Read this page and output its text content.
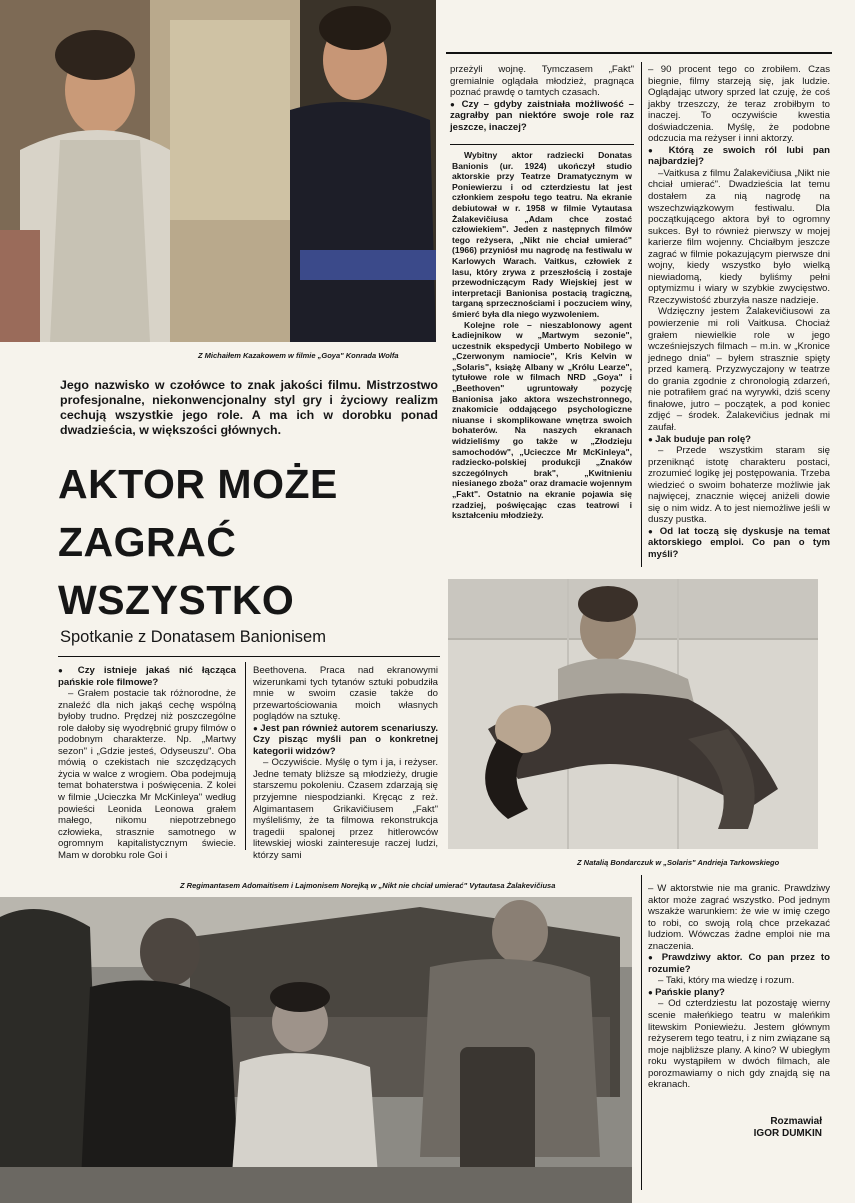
Z Michaiłem Kazakowem w filmie „Goya" Konrada Wolfa
Jego nazwisko w czołówce to znak jakości filmu. Mistrzostwo profesjonalne, niekonwencjonalny styl gry i życiowy realizm cechują wszystkie jego role. A ma ich w dorobku ponad dwadzieścia, w większości głównych.
AKTOR MOŻE
ZAGRAĆ
WSZYSTKO
Spotkanie z Donatasem Banionisem

● Czy istnieje jakaś nić łącząca pańskie role filmowe?

– Grałem postacie tak różnorodne, że znaleźć dla nich jakąś cechę wspólną byłoby trudno. Prędzej niż poszczególne role dałoby się wyodrębnić grupy filmów o podobnym charakterze. Np. „Martwy sezon" i „Gdzie jesteś, Odyseuszu". Oba mówią o czekistach nie szczędzących życia w walce z wrogiem. Oba podejmują temat bohaterstwa i poświęcenia. Z kolei w filmie „Ucieczka Mr McKinleya" według powieści Leonida Leonowa grałem małego, nikomu niepotrzebnego człowieka, strasznie samotnego w ogromnym kapitalistycznym świecie. Mam w dorobku role Goi i

Beethovena. Praca nad ekranowymi wizerunkami tych tytanów sztuki pobudziła mnie w swoim czasie także do przewartościowania moich własnych poglądów na sztukę.

● Jest pan również autorem scenariuszy. Czy pisząc myśli pan o konkretnej kategorii widzów?

– Oczywiście. Myślę o tym i ja, i reżyser. Jedne tematy bliższe są młodzieży, drugie starszemu pokoleniu. Czasem zdarzają się przyjemne niespodzianki. Kręcąc z reż. Algimantasem Grikavičiusem „Fakt" myśleliśmy, że ta filmowa rekonstrukcja tragedii spalonej przez hitlerowców litewskiej wioski zainteresuje raczej ludzi, którzy sami

przeżyli wojnę. Tymczasem „Fakt" gremialnie oglądała młodzież, pragnąca poznać prawdę o tamtych czasach.

● Czy – gdyby zaistniała możliwość – zagrałby pan niektóre swoje role raz jeszcze, inaczej?

Wybitny aktor radziecki Donatas Banionis (ur. 1924) ukończył studio aktorskie przy Teatrze Dramatycznym w Poniewierzu i od czterdziestu lat jest członkiem zespołu tego teatru. Na ekranie debiutował w r. 1958 w filmie Vytautasa Żalakevičiusa „Adam chce zostać człowiekiem". Jeden z następnych filmów tego reżysera, „Nikt nie chciał umierać" (1966) przyniósł mu nagrodę na festiwalu w Karlowych Warach. Vaitkus, człowiek z lasu, który zrywa z przeszłością i zostaje przewodniczącym Rady Wiejskiej jest w interpretacji Banionisa postacią tragiczną, targaną sprzecznościami i poczuciem winy, śmierć była dla niego wyzwoleniem.

Kolejne role – nieszablonowy agent Ładiejnikow w „Martwym sezonie", uczestnik ekspedycji Umberto Nobilego w „Czerwonym namiocie", Kris Kelvin w „Solaris", książę Albany w „Królu Learze", tytułowe role w filmach NRD „Goya" i „Beethoven" ugruntowały pozycję Banionisa jako aktora wszechstronnego, znakomicie oddającego psychologiczne niuanse i skomplikowane wnętrza swoich bohaterów. Na naszych ekranach widzieliśmy go także w „Złodzieju samochodów", „Ucieczce Mr McKinleya", radziecko-polskiej produkcji „Znaków szczególnych brak", „Kwitnieniu niesianego zboża" oraz dramacie wojennym „Fakt". Ostatnio na ekranie pojawia się rzadziej, poświęcając czas teatrowi i kształceniu młodzieży.

– 90 procent tego co zrobiłem. Czas biegnie, filmy starzeją się, jak ludzie. Oglądając utwory sprzed lat czuję, że coś jakby trzeszczy, że teraz zrobiłbym to inaczej. To oczywiście kwestia doświadczenia. Myślę, że podobne odczucia ma reżyser i inni aktorzy.

● Którą ze swoich ról lubi pan najbardziej?

–Vaitkusa z filmu Żalakevičiusa „Nikt nie chciał umierać". Dwadzieścia lat temu dostałem za nią nagrodę na wszechzwiązkowym festiwalu. Dla początkującego aktora był to ogromny sukces. Był to również pierwszy w mojej karierze film wojenny. Chciałbym jeszcze zagrać w filmie pokazującym pierwsze dni wojny, kiedy wszystko było wielką niewiadomą, kiedy byliśmy pełni optymizmu i wiary w szybkie zwycięstwo. Rzeczywistość zburzyła nasze nadzieje.

Wdzięczny jestem Żalakevičiusowi za powierzenie mi roli Vaitkusa. Chociaż grałem niewielkie role w jego wcześniejszych filmach – m.in. w „Kronice jednego dnia" – byłem strasznie spięty przed kamerą. Przyzwyczajony w teatrze do grania zgodnie z chronologią zdarzeń, nie potrafiłem grać na wyrywki, dziś sceny finałowe, jutro – początek, a pod koniec zdjęć – środek. Żalakevičius jednak mi zaufał.

● Jak buduje pan rolę?

– Przede wszystkim staram się przeniknąć istotę charakteru postaci, zrozumieć logikę jej postępowania. Trzeba wiedzieć o swoim bohaterze możliwie jak najwięcej, znacznie więcej aniżeli dowie się o nim widz. A to jest niemożliwe jeśli w duszy pustka.

● Od lat toczą się dyskusje na temat aktorskiego emploi. Co pan o tym myśli?

Z Natalią Bondarczuk w „Solaris" Andrieja Tarkowskiego
Z Regimantasem Adomaitisem i Lajmonisem Norejką w „Nikt nie chciał umierać" Vytautasa Żalakevičiusa	– W aktorstwie nie ma granic. Prawdziwy aktor może zagrać wszystko. Pod jednym wszakże warunkiem: że wie w imię czego to robi, co swoją rolą chce przekazać ludziom. Wówczas żadne emploi nie ma znaczenia.

● Prawdziwy aktor. Co pan przez to rozumie?

– Taki, który ma wiedzę i rozum.

● Pańskie plany?

– Od czterdziestu lat pozostaję wierny scenie małeńkiego teatru w maleńkim litewskim Poniewieżu. Jestem głównym reżyserem tego teatru, i z nim związane są moje najbliższe plany. A kino? W ubiegłym roku wystąpiłem w dwóch filmach, ale porozmawiamy o nich gdy znajdą się na ekranach.

Rozmawiał
IGOR DUMKIN
